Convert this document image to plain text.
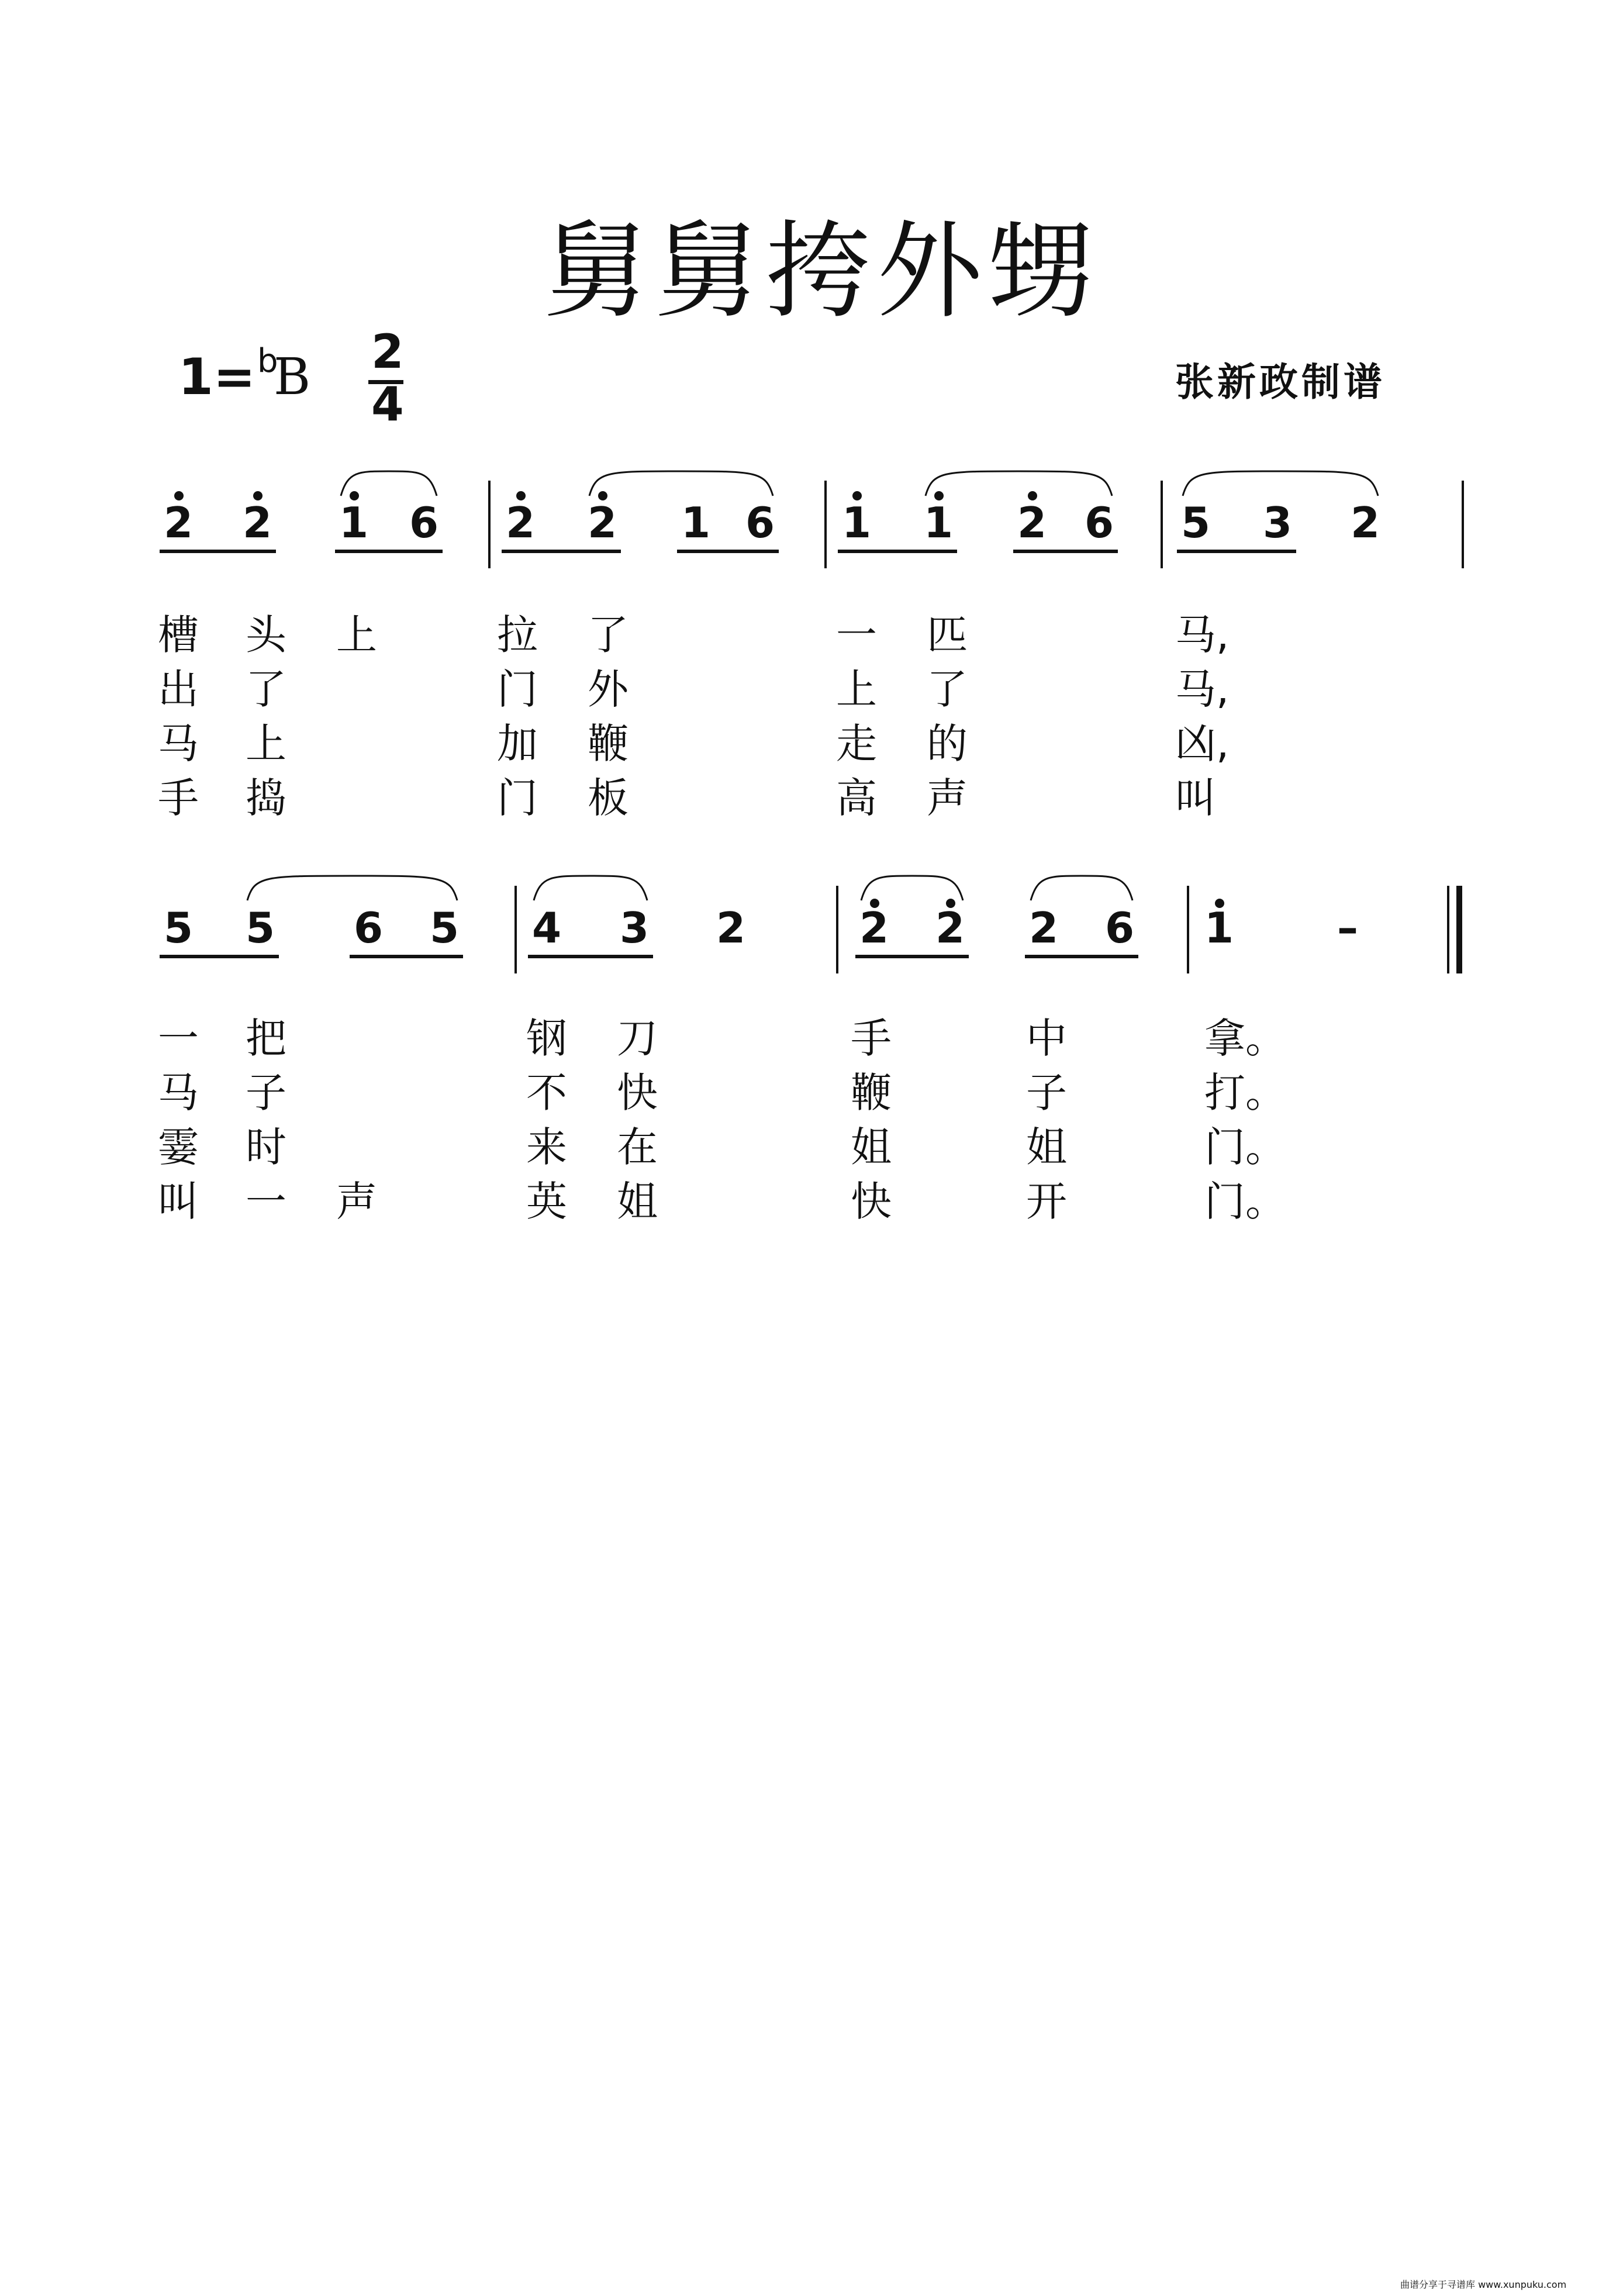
舅舅挎外甥
1= b
B 2
4	张新政制谱
2 2 1 6 2 2 1 6 1 1 2 6 5 3 2
槽 头 上	拉 了	一 匹	马,
出 了	门 外	上 了	马,
马 上	加 鞭	走 的	凶,
手 捣	门 板	高 声	叫
5 5 6 5 4 3 2	2 2 2 6 1 –
一 把	钢 刀	手	中	拿。
马 子	不 快	鞭	子	打。
霎 时	来 在	姐	姐	门。
叫 一 声	英 姐	快	开	门。
曲谱分享于寻谱库 www.xunpuku.com
